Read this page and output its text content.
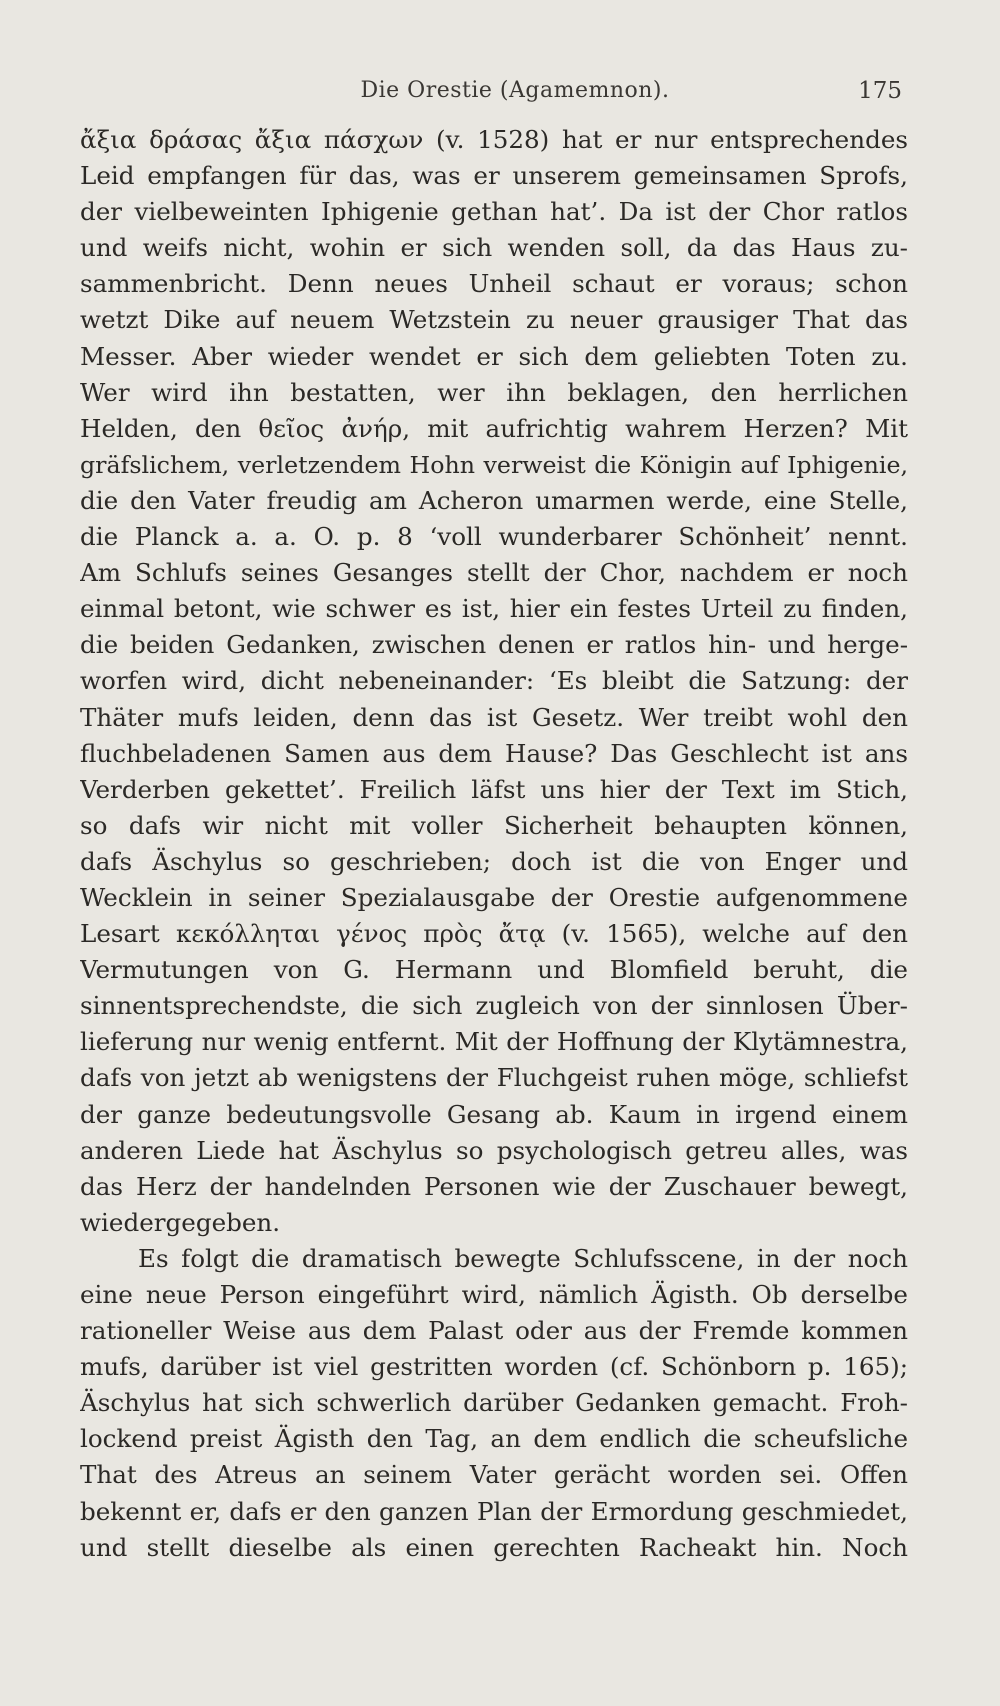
Die Orestie (Agamemnon).	175
ἄξια δράσας ἄξια πάσχων (v. 1528) hat er nur entsprechendes
Leid empfangen für das, was er unserem gemeinsamen Sprofs,
der vielbeweinten Iphigenie gethan hat’. Da ist der Chor ratlos
und weifs nicht, wohin er sich wenden soll, da das Haus zu-
sammenbricht. Denn neues Unheil schaut er voraus; schon
wetzt Dike auf neuem Wetzstein zu neuer grausiger That das
Messer. Aber wieder wendet er sich dem geliebten Toten zu.
Wer wird ihn bestatten, wer ihn beklagen, den herrlichen
Helden, den θεῖος ἀνήρ, mit aufrichtig wahrem Herzen? Mit
gräfslichem, verletzendem Hohn verweist die Königin auf Iphigenie,
die den Vater freudig am Acheron umarmen werde, eine Stelle,
die Planck a. a. O. p. 8 ‘voll wunderbarer Schönheit’ nennt.
Am Schlufs seines Gesanges stellt der Chor, nachdem er noch
einmal betont, wie schwer es ist, hier ein festes Urteil zu finden,
die beiden Gedanken, zwischen denen er ratlos hin- und herge-
worfen wird, dicht nebeneinander: ‘Es bleibt die Satzung: der
Thäter mufs leiden, denn das ist Gesetz. Wer treibt wohl den
fluchbeladenen Samen aus dem Hause? Das Geschlecht ist ans
Verderben gekettet’. Freilich läfst uns hier der Text im Stich,
so dafs wir nicht mit voller Sicherheit behaupten können,
dafs Äschylus so geschrieben; doch ist die von Enger und
Wecklein in seiner Spezialausgabe der Orestie aufgenommene
Lesart κεκόλληται γένος πρὸς ἄτᾳ (v. 1565), welche auf den
Vermutungen von G. Hermann und Blomfield beruht, die
sinnentsprechendste, die sich zugleich von der sinnlosen Über-
lieferung nur wenig entfernt. Mit der Hoffnung der Klytämnestra,
dafs von jetzt ab wenigstens der Fluchgeist ruhen möge, schliefst
der ganze bedeutungsvolle Gesang ab. Kaum in irgend einem
anderen Liede hat Äschylus so psychologisch getreu alles, was
das Herz der handelnden Personen wie der Zuschauer bewegt,
wiedergegeben.
Es folgt die dramatisch bewegte Schlufsscene, in der noch
eine neue Person eingeführt wird, nämlich Ägisth. Ob derselbe
rationeller Weise aus dem Palast oder aus der Fremde kommen
mufs, darüber ist viel gestritten worden (cf. Schönborn p. 165);
Äschylus hat sich schwerlich darüber Gedanken gemacht. Froh-
lockend preist Ägisth den Tag, an dem endlich die scheufsliche
That des Atreus an seinem Vater gerächt worden sei. Offen
bekennt er, dafs er den ganzen Plan der Ermordung geschmiedet,
und stellt dieselbe als einen gerechten Racheakt hin. Noch
